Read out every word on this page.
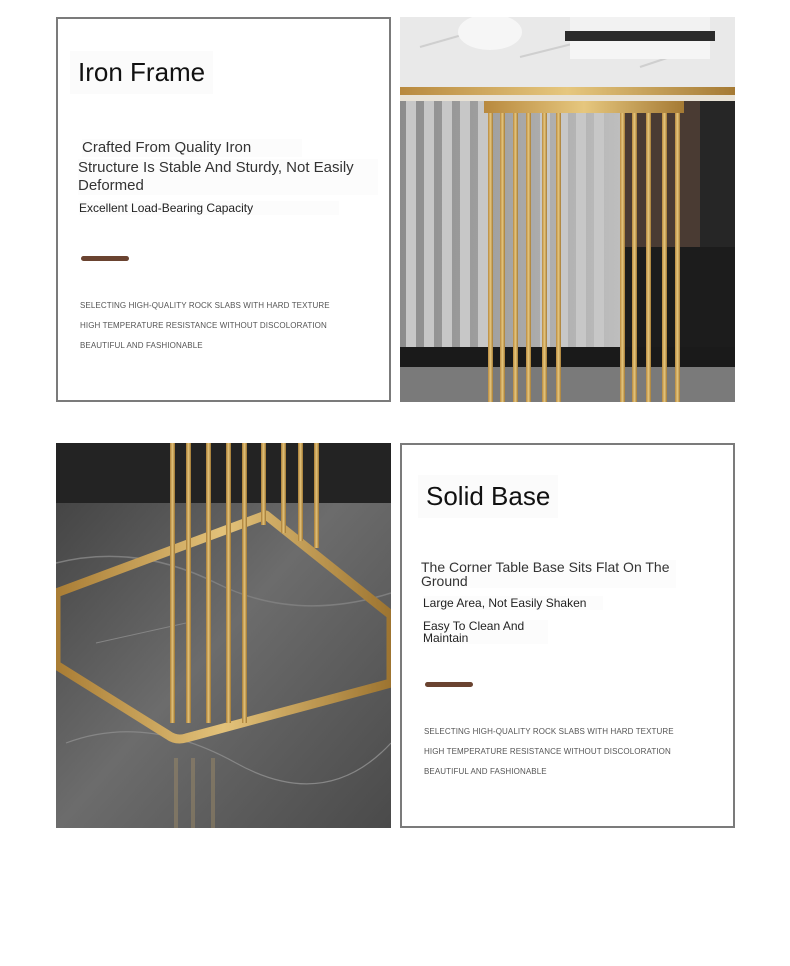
Iron Frame
Crafted From Quality Iron
Structure Is Stable And Sturdy, Not Easily Deformed
Excellent Load-Bearing Capacity
SELECTING HIGH-QUALITY ROCK SLABS WITH HARD TEXTURE
HIGH TEMPERATURE RESISTANCE WITHOUT DISCOLORATION
BEAUTIFUL AND FASHIONABLE
Solid Base
The Corner Table Base Sits Flat On The Ground
Large Area, Not Easily Shaken
Easy To Clean And Maintain
SELECTING HIGH-QUALITY ROCK SLABS WITH HARD TEXTURE
HIGH TEMPERATURE RESISTANCE WITHOUT DISCOLORATION
BEAUTIFUL AND FASHIONABLE
